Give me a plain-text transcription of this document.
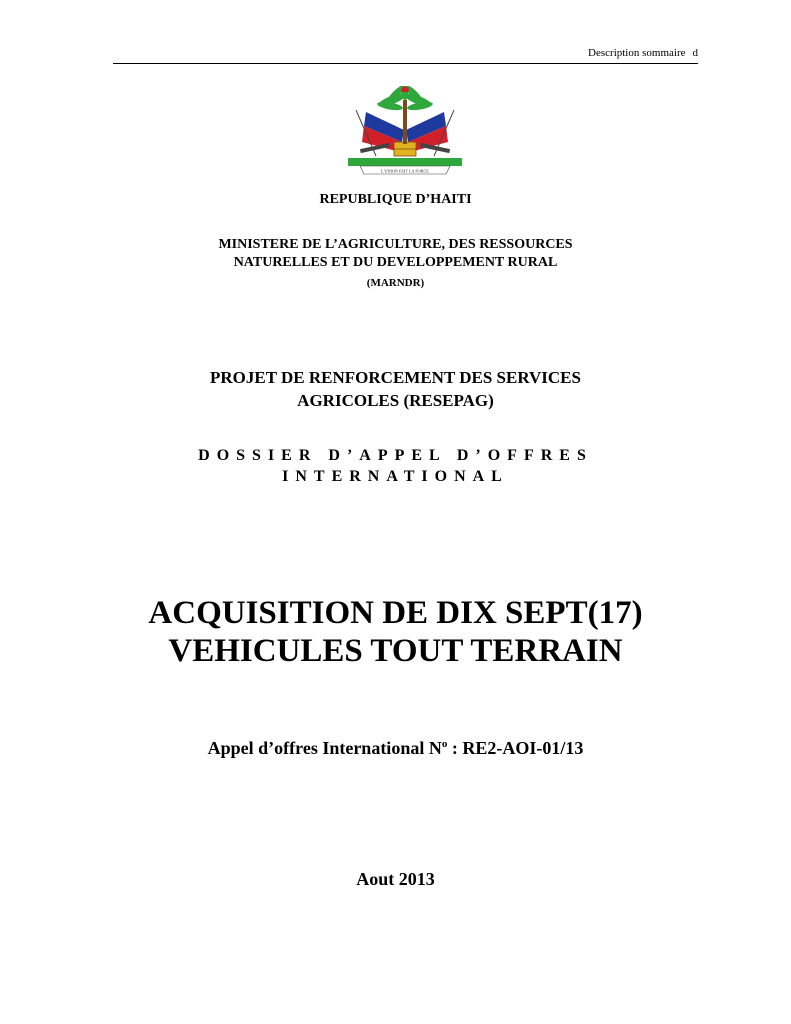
Description sommaire d
L'UNION FAIT LA FORCE
REPUBLIQUE D’HAITI
MINISTERE DE L’AGRICULTURE, DES RESSOURCES
NATURELLES ET DU DEVELOPPEMENT RURAL
(MARNDR)
PROJET DE RENFORCEMENT DES SERVICES
AGRICOLES (RESEPAG)
DOSSIER D’APPEL D’OFFRES
INTERNATIONAL
ACQUISITION DE DIX SEPT(17)
VEHICULES TOUT TERRAIN
Appel d’offres International $N^o$ : RE2-AOI-01/13
Aout 2013
